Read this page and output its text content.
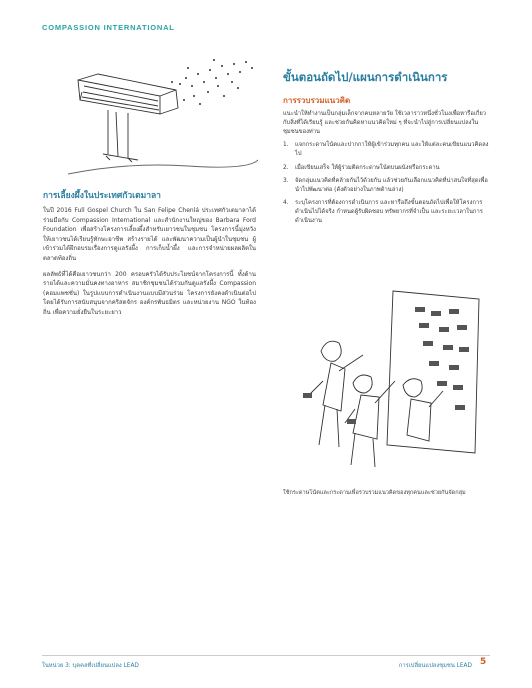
COMPASSION INTERNATIONAL
การเลี้ยงผึ้งในประเทศกัวเตมาลา

ในปี 2016 Full Gospel Church ใน San Felipe Chenlá ประเทศกัวเตมาลาได้ร่วมมือกับ Compassion International และสำนักงานใหญ่ของ Barbara Ford Foundation เพื่อสร้างโครงการเลี้ยงผึ้งสำหรับเยาวชนในชุมชน โครงการนี้มุ่งหวังให้เยาวชนได้เรียนรู้ทักษะอาชีพ สร้างรายได้ และพัฒนาความเป็นผู้นำในชุมชน ผู้เข้าร่วมได้ฝึกอบรมเรื่องการดูแลรังผึ้ง การเก็บน้ำผึ้ง และการจำหน่ายผลผลิตในตลาดท้องถิ่น

ผลลัพธ์ที่ได้คือเยาวชนกว่า 200 ครอบครัวได้รับประโยชน์จากโครงการนี้ ทั้งด้านรายได้และความมั่นคงทางอาหาร สมาชิกชุมชนได้ร่วมกันดูแลรังผึ้ง Compassion (คอมแพชชั่น) ในรูปแบบการดำเนินงานแบบมีส่วนร่วม โครงการยังคงดำเนินต่อไปโดยได้รับการสนับสนุนจากคริสตจักร องค์กรพันธมิตร และหน่วยงาน NGO ในท้องถิ่น เพื่อความยั่งยืนในระยะยาว

ขั้นตอนถัดไป/แผนการดำเนินการ
การรวบรวมแนวคิด

แนะนำให้ทำงานเป็นกลุ่มเล็กจากคนหลายวัย ใช้เวลาราวหนึ่งชั่วโมงเพื่อหารือเกี่ยวกับสิ่งที่ได้เรียนรู้ และช่วยกันคิดหาแนวคิดใหม่ ๆ ที่จะนำไปสู่การเปลี่ยนแปลงในชุมชนของท่าน

1.	แจกกระดาษโน้ตและปากกาให้ผู้เข้าร่วมทุกคน และให้แต่ละคนเขียนแนวคิดลงไป
2.	เมื่อเขียนเสร็จ ให้ผู้ร่วมติดกระดาษโน้ตบนผนังหรือกระดาน
3.	จัดกลุ่มแนวคิดที่คล้ายกันไว้ด้วยกัน แล้วช่วยกันเลือกแนวคิดที่น่าสนใจที่สุดเพื่อนำไปพัฒนาต่อ (ดังตัวอย่างในภาพด้านล่าง)
4.	ระบุโครงการที่ต้องการดำเนินการ และหารือถึงขั้นตอนถัดไปเพื่อให้โครงการดำเนินไปได้จริง กำหนดผู้รับผิดชอบ ทรัพยากรที่จำเป็น และระยะเวลาในการดำเนินงาน
ใช้กระดาษโน้ตและกระดานเพื่อรวบรวมแนวคิดของทุกคนและช่วยกันจัดกลุ่ม
ในหน่วย 3: บุคคลที่เปลี่ยนแปลง LEAD	การเปลี่ยนแปลงชุมชน LEAD 5
